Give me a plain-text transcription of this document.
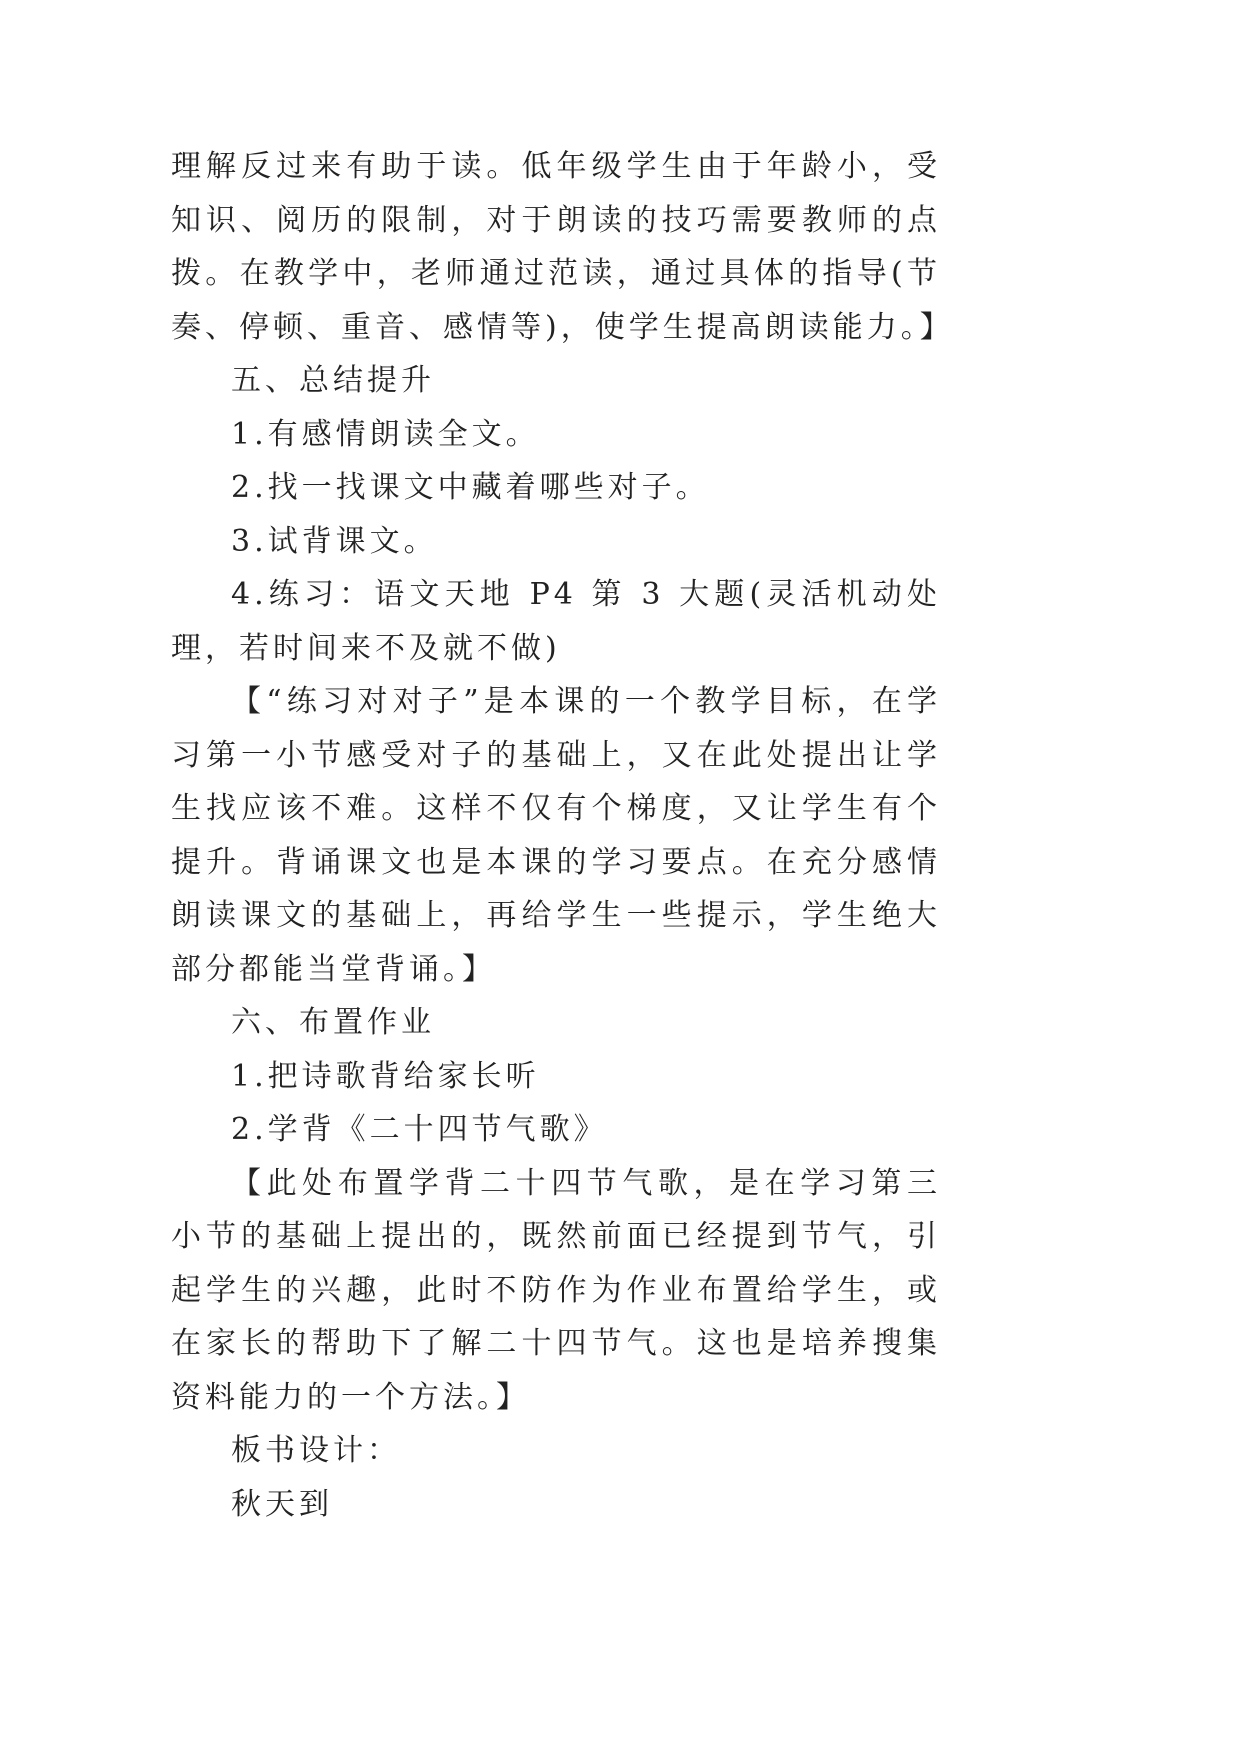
理解反过来有助于读。低年级学生由于年龄小，受知识、阅历的限制，对于朗读的技巧需要教师的点拨。在教学中，老师通过范读，通过具体的指导(节奏、停顿、重音、感情等)，使学生提高朗读能力。】

五、总结提升

1.有感情朗读全文。

2.找一找课文中藏着哪些对子。

3.试背课文。

4.练习：语文天地 P4 第 3 大题(灵活机动处理，若时间来不及就不做)

【“练习对对子”是本课的一个教学目标，在学习第一小节感受对子的基础上，又在此处提出让学生找应该不难。这样不仅有个梯度，又让学生有个提升。背诵课文也是本课的学习要点。在充分感情朗读课文的基础上，再给学生一些提示，学生绝大部分都能当堂背诵。】

六、布置作业

1.把诗歌背给家长听

2.学背《二十四节气歌》

【此处布置学背二十四节气歌，是在学习第三小节的基础上提出的，既然前面已经提到节气，引起学生的兴趣，此时不防作为作业布置给学生，或在家长的帮助下了解二十四节气。这也是培养搜集资料能力的一个方法。】

板书设计：

秋天到
